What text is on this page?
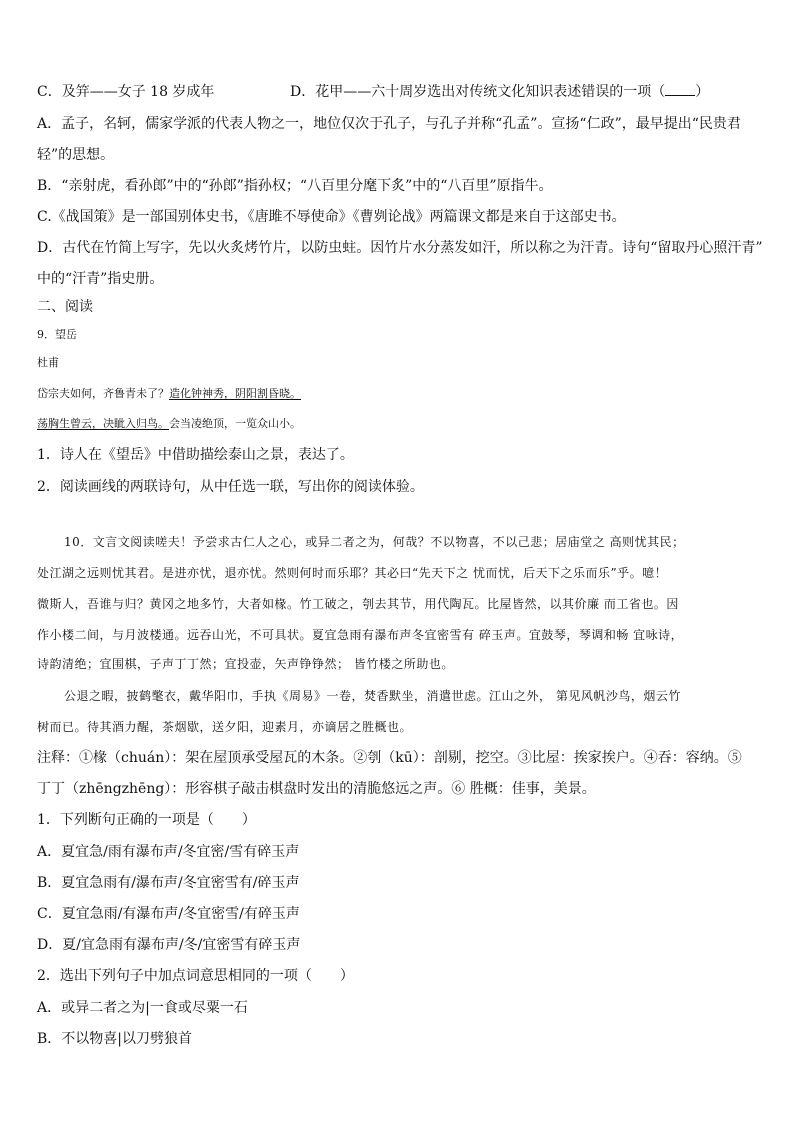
C．及笄——女子 18 岁成年	D．花甲——六十周岁选出对传统文化知识表述错误的一项（ ）
A．孟子，名轲，儒家学派的代表人物之一，地位仅次于孔子，与孔子并称“孔孟”。宣扬“仁政”，最早提出“民贵君
轻”的思想。
B．“亲射虎，看孙郎”中的“孙郎”指孙权；“八百里分麾下炙”中的“八百里”原指牛。
C.《战国策》是一部国别体史书，《唐雎不辱使命》《曹刿论战》两篇课文都是来自于这部史书。
D．古代在竹简上写字，先以火炙烤竹片，以防虫蛀。因竹片水分蒸发如汗，所以称之为汗青。诗句“留取丹心照汗青”
中的“汗青”指史册。
二、阅读
9．望岳
杜甫
岱宗夫如何，齐鲁青未了？造化钟神秀，阴阳割昏晓。
荡胸生曾云，决眦入归鸟。会当凌绝顶，一览众山小。
1．诗人在《望岳》中借助描绘泰山之景，表达了。
2．阅读画线的两联诗句，从中任选一联，写出你的阅读体验。
10．文言文阅读嗟夫！予尝求古仁人之心，或异二者之为，何哉？不以物喜，不以己悲；居庙堂之 高则忧其民；
处江湖之远则忧其君。是进亦忧，退亦忧。然则何时而乐耶？其必曰“先天下之 忧而忧，后天下之乐而乐”乎。噫！
微斯人，吾谁与归？黄冈之地多竹，大者如椽。竹工破之，刳去其节，用代陶瓦。比屋皆然，以其价廉 而工省也。因
作小楼二间，与月波楼通。远吞山光，不可具状。夏宜急雨有瀑布声冬宜密雪有 碎玉声。宜鼓琴，琴调和畅 宜咏诗，
诗韵清绝；宜围棋，子声丁丁然；宜投壶，矢声铮铮然； 皆竹楼之所助也。
公退之暇，披鹤氅衣，戴华阳巾，手执《周易》一卷，焚香默坐，消遣世虑。江山之外， 第见风帆沙鸟，烟云竹
树而已。待其酒力醒，茶烟歇，送夕阳，迎素月，亦谪居之胜概也。
注释：①椽（chuán）：架在屋顶承受屋瓦的木条。②刳（kū）：剖剔，挖空。③比屋：挨家挨户。④吞：容纳。⑤
丁丁（zhēngzhēng）：形容棋子敲击棋盘时发出的清脆悠远之声。⑥ 胜概：佳事，美景。
1．下列断句正确的一项是（　　）
A．夏宜急/雨有瀑布声/冬宜密/雪有碎玉声
B．夏宜急雨有/瀑布声/冬宜密雪有/碎玉声
C．夏宜急雨/有瀑布声/冬宜密雪/有碎玉声
D．夏/宜急雨有瀑布声/冬/宜密雪有碎玉声
2．选出下列句子中加点词意思相同的一项（　　）
A．或异二者之为|一食或尽粟一石
B．不以物喜|以刀劈狼首
